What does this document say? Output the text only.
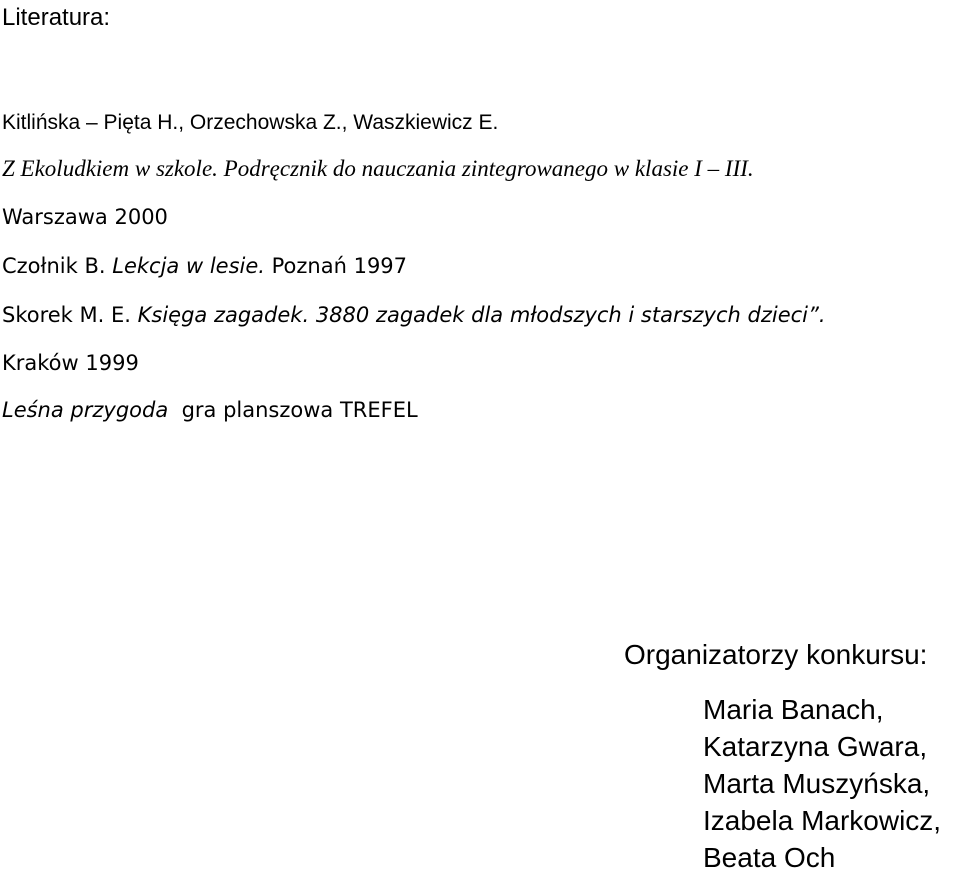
Literatura:
Kitlińska – Pięta H., Orzechowska Z., Waszkiewicz E.
Z Ekoludkiem w szkole. Podręcznik do nauczania zintegrowanego w klasie I – III.
Warszawa 2000
Czołnik B. Lekcja w lesie. Poznań 1997
Skorek M. E. Księga zagadek. 3880 zagadek dla młodszych i starszych dzieci”.
Kraków 1999
Leśna przygoda  gra planszowa TREFEL
Organizatorzy konkursu:
Maria Banach,
Katarzyna Gwara,
Marta Muszyńska,
Izabela Markowicz,
Beata Och
